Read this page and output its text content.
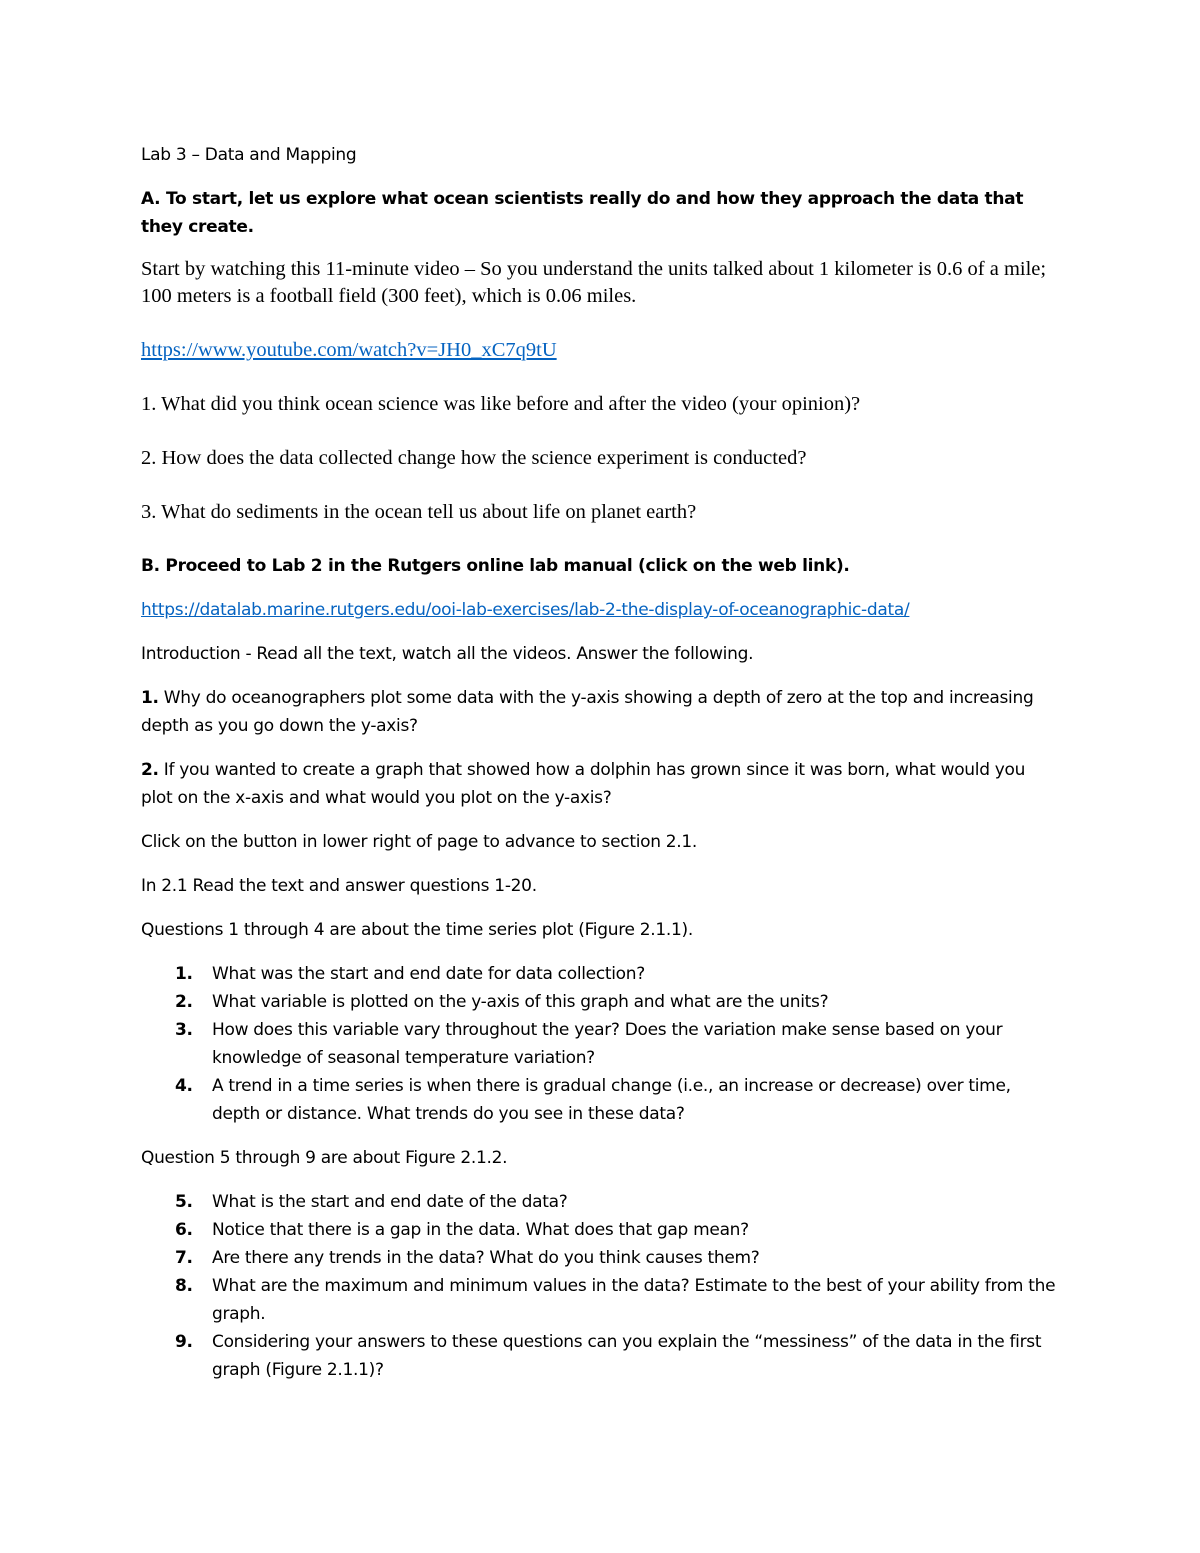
Lab 3 – Data and Mapping

A. To start, let us explore what ocean scientists really do and how they approach the data that they create.

Start by watching this 11-minute video – So you understand the units talked about 1 kilometer is 0.6 of a mile; 100 meters is a football field (300 feet), which is 0.06 miles.

https://www.youtube.com/watch?v=JH0_xC7q9tU

1. What did you think ocean science was like before and after the video (your opinion)?

2. How does the data collected change how the science experiment is conducted?

3. What do sediments in the ocean tell us about life on planet earth?

B. Proceed to Lab 2 in the Rutgers online lab manual (click on the web link).

https://datalab.marine.rutgers.edu/ooi-lab-exercises/lab-2-the-display-of-oceanographic-data/

Introduction - Read all the text, watch all the videos. Answer the following.

1. Why do oceanographers plot some data with the y-axis showing a depth of zero at the top and increasing depth as you go down the y-axis?

2. If you wanted to create a graph that showed how a dolphin has grown since it was born, what would you plot on the x-axis and what would you plot on the y-axis?

Click on the button in lower right of page to advance to section 2.1.

In 2.1 Read the text and answer questions 1-20.

Questions 1 through 4 are about the time series plot (Figure 2.1.1).

1. What was the start and end date for data collection?
2. What variable is plotted on the y-axis of this graph and what are the units?
3. How does this variable vary throughout the year? Does the variation make sense based on your knowledge of seasonal temperature variation?
4. A trend in a time series is when there is gradual change (i.e., an increase or decrease) over time, depth or distance. What trends do you see in these data?

Question 5 through 9 are about Figure 2.1.2.

5. What is the start and end date of the data?
6. Notice that there is a gap in the data. What does that gap mean?
7. Are there any trends in the data? What do you think causes them?
8. What are the maximum and minimum values in the data? Estimate to the best of your ability from the graph.
9. Considering your answers to these questions can you explain the “messiness” of the data in the first graph (Figure 2.1.1)?
